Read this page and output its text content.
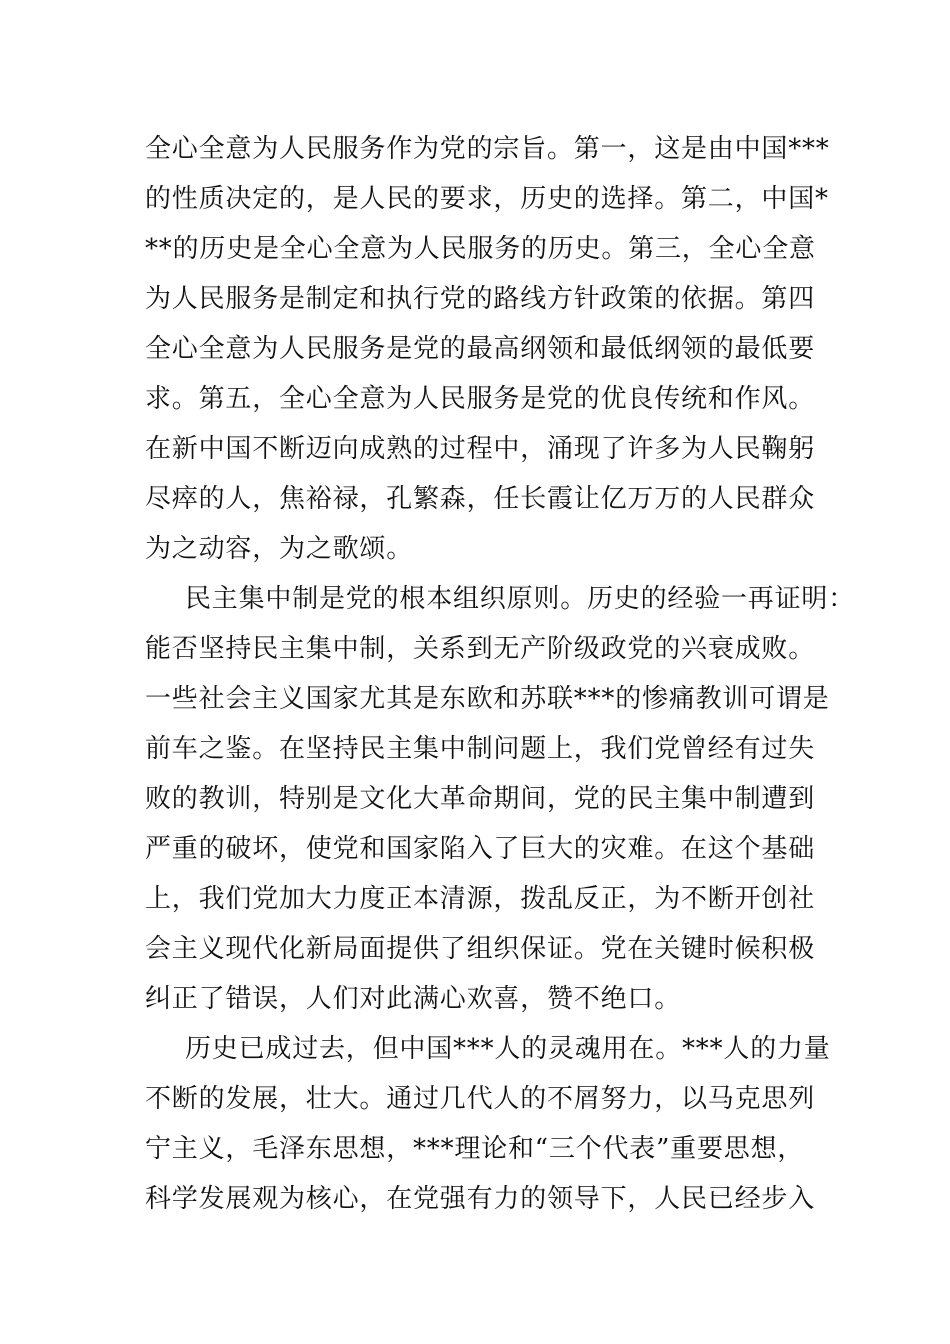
全心全意为人民服务作为党的宗旨。第一，这是由中国***
的性质决定的，是人民的要求，历史的选择。第二，中国*
**的历史是全心全意为人民服务的历史。第三，全心全意
为人民服务是制定和执行党的路线方针政策的依据。第四
全心全意为人民服务是党的最高纲领和最低纲领的最低要
求。第五，全心全意为人民服务是党的优良传统和作风。
在新中国不断迈向成熟的过程中，涌现了许多为人民鞠躬
尽瘁的人，焦裕禄，孔繁森，任长霞让亿万万的人民群众
为之动容，为之歌颂。
民主集中制是党的根本组织原则。历史的经验一再证明：
能否坚持民主集中制，关系到无产阶级政党的兴衰成败。
一些社会主义国家尤其是东欧和苏联***的惨痛教训可谓是
前车之鉴。在坚持民主集中制问题上，我们党曾经有过失
败的教训，特别是文化大革命期间，党的民主集中制遭到
严重的破坏，使党和国家陷入了巨大的灾难。在这个基础
上，我们党加大力度正本清源，拨乱反正，为不断开创社
会主义现代化新局面提供了组织保证。党在关键时候积极
纠正了错误，人们对此满心欢喜，赞不绝口。
历史已成过去，但中国***人的灵魂用在。***人的力量
不断的发展，壮大。通过几代人的不屑努力，以马克思列
宁主义，毛泽东思想，***理论和“三个代表”重要思想，
科学发展观为核心，在党强有力的领导下，人民已经步入
